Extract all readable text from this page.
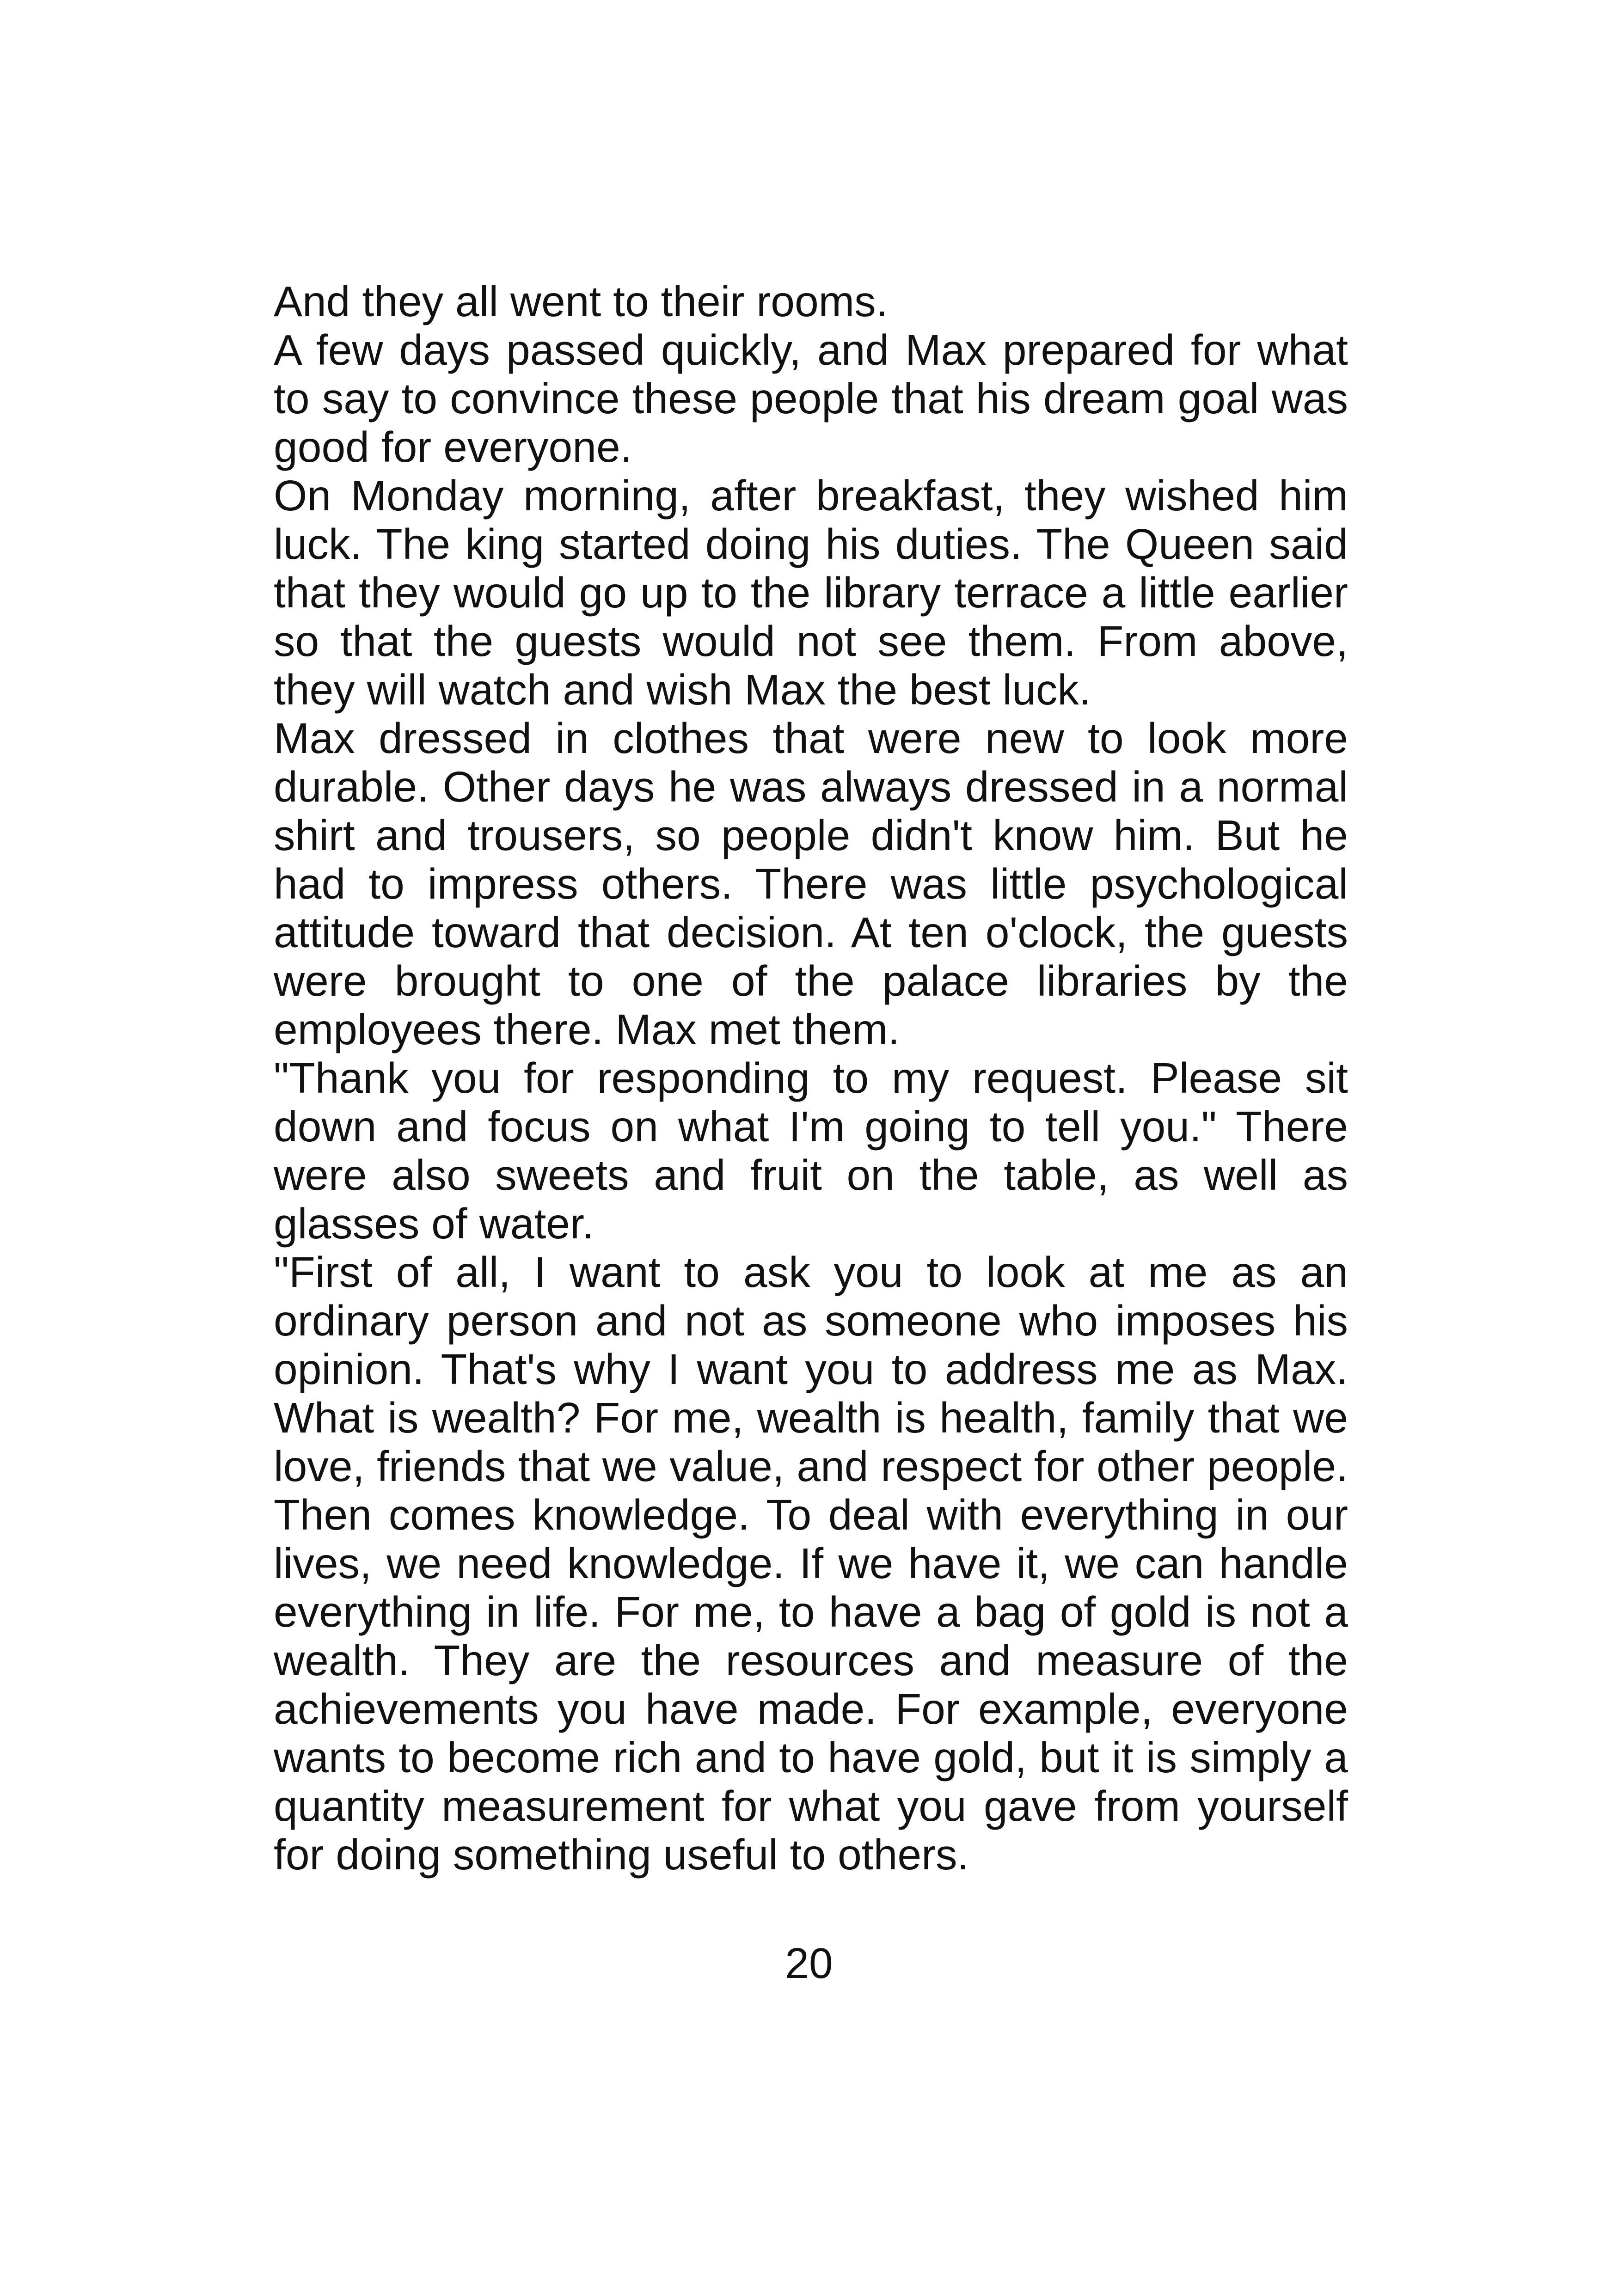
And they all went to their rooms.

A few days passed quickly, and Max prepared for what to say to convince these people that his dream goal was good for everyone.

On Monday morning, after breakfast, they wished him luck. The king started doing his duties. The Queen said that they would go up to the library terrace a little earlier so that the guests would not see them. From above, they will watch and wish Max the best luck.

Max dressed in clothes that were new to look more durable. Other days he was always dressed in a normal shirt and trousers, so people didn't know him. But he had to impress others. There was little psychological attitude toward that decision. At ten o'clock, the guests were brought to one of the palace libraries by the employees there. Max met them.

"Thank you for responding to my request. Please sit down and focus on what I'm going to tell you." There were also sweets and fruit on the table, as well as glasses of water.

"First of all, I want to ask you to look at me as an ordinary person and not as someone who imposes his opinion. That's why I want you to address me as Max. What is wealth? For me, wealth is health, family that we love, friends that we value, and respect for other people. Then comes knowledge. To deal with everything in our lives, we need knowledge. If we have it, we can handle everything in life. For me, to have a bag of gold is not a wealth. They are the resources and measure of the achievements you have made. For example, everyone wants to become rich and to have gold, but it is simply a quantity measurement for what you gave from yourself for doing something useful to others.

20
